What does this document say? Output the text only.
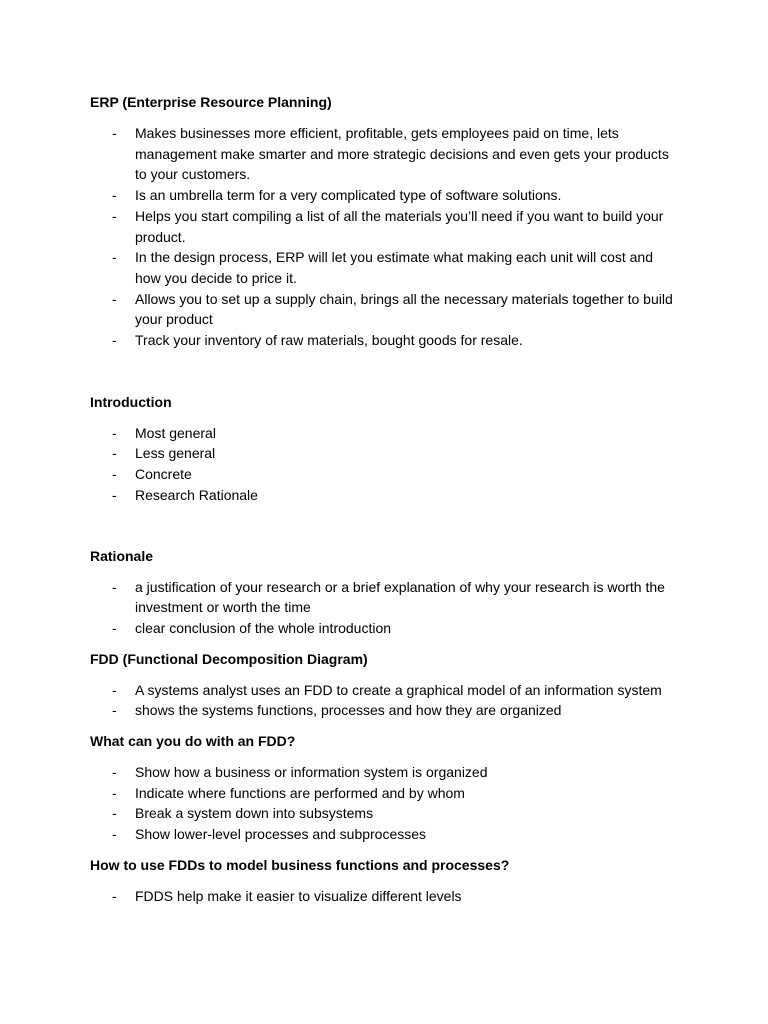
ERP (Enterprise Resource Planning)

- Makes businesses more efficient, profitable, gets employees paid on time, lets management make smarter and more strategic decisions and even gets your products to your customers.
- Is an umbrella term for a very complicated type of software solutions.
- Helps you start compiling a list of all the materials you’ll need if you want to build your product.
- In the design process, ERP will let you estimate what making each unit will cost and how you decide to price it.
- Allows you to set up a supply chain, brings all the necessary materials together to build your product
- Track your inventory of raw materials, bought goods for resale.

Introduction

- Most general
- Less general
- Concrete
- Research Rationale

Rationale

- a justification of your research or a brief explanation of why your research is worth the investment or worth the time
- clear conclusion of the whole introduction

FDD (Functional Decomposition Diagram)

- A systems analyst uses an FDD to create a graphical model of an information system
- shows the systems functions, processes and how they are organized

What can you do with an FDD?

- Show how a business or information system is organized
- Indicate where functions are performed and by whom
- Break a system down into subsystems
- Show lower-level processes and subprocesses

How to use FDDs to model business functions and processes?

- FDDS help make it easier to visualize different levels
